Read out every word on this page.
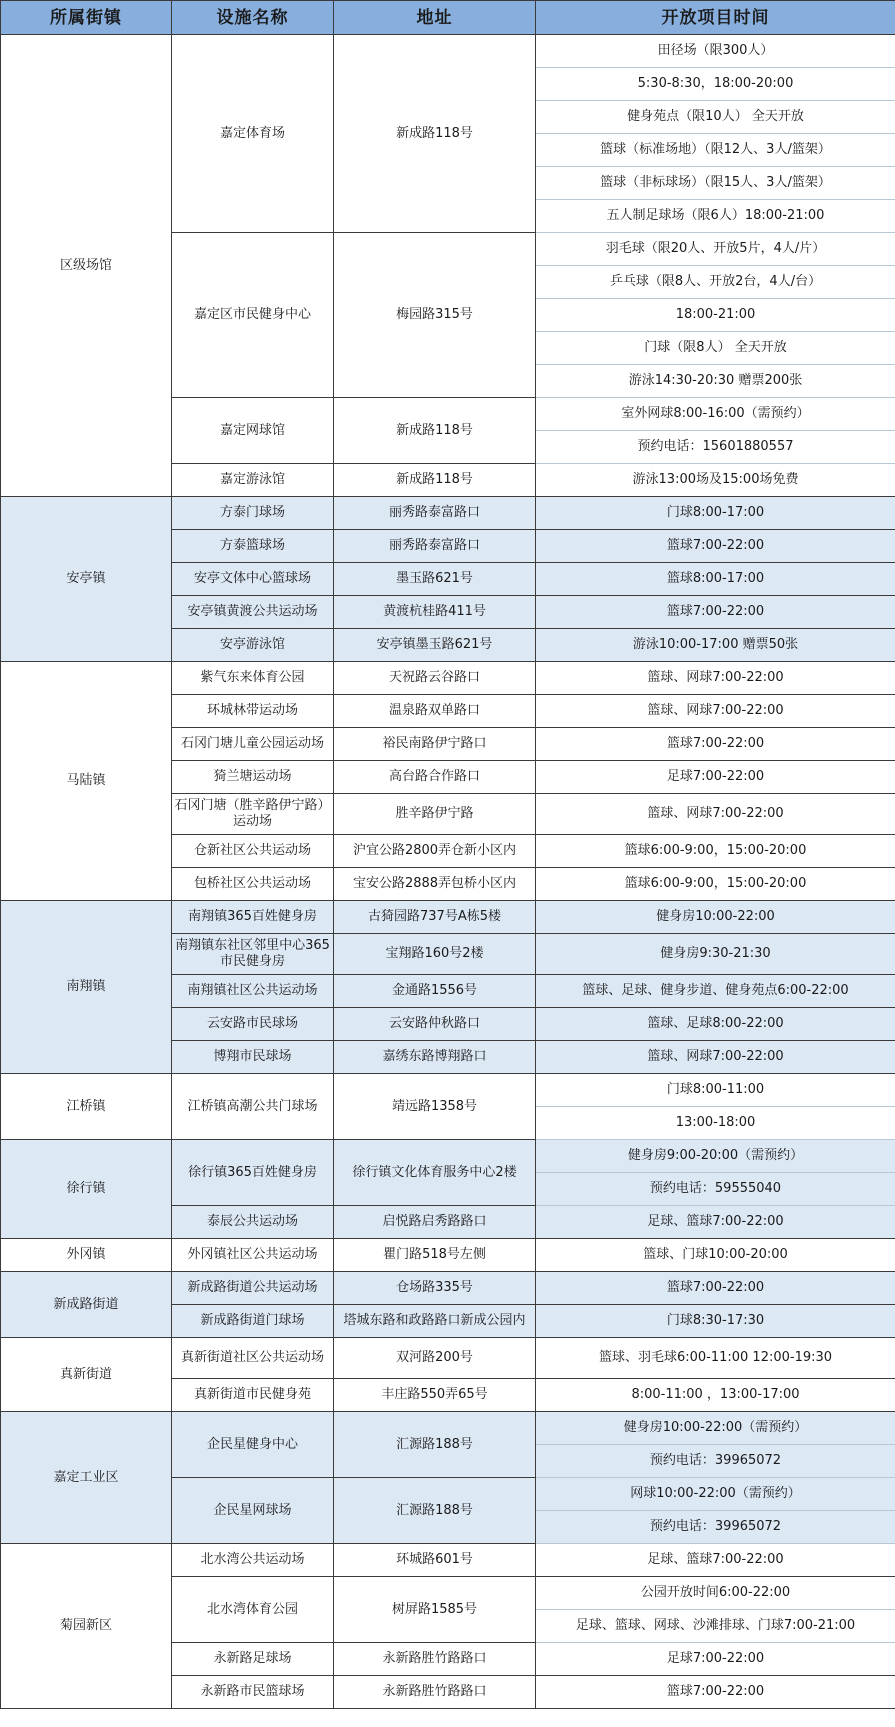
所属街镇	设施名称	地址	开放项目时间
区级场馆	嘉定体育场	新成路118号	田径场（限300人）
			5:30-8:30，18:00-20:00
			健身苑点（限10人） 全天开放
			篮球（标准场地）（限12人、3人/篮架）
			篮球（非标球场）（限15人、3人/篮架）
			五人制足球场（限6人）18:00-21:00
	嘉定区市民健身中心	梅园路315号	羽毛球（限20人、开放5片，4人/片）
			乒乓球（限8人、开放2台，4人/台）
			18:00-21:00
			门球（限8人） 全天开放
			游泳14:30-20:30 赠票200张
	嘉定网球馆	新成路118号	室外网球8:00-16:00（需预约）
			预约电话：15601880557
	嘉定游泳馆	新成路118号	游泳13:00场及15:00场免费
安亭镇	方泰门球场	丽秀路泰富路口	门球8:00-17:00
	方泰篮球场	丽秀路泰富路口	篮球7:00-22:00
	安亭文体中心篮球场	墨玉路621号	篮球8:00-17:00
	安亭镇黄渡公共运动场	黄渡杭桂路411号	篮球7:00-22:00
	安亭游泳馆	安亭镇墨玉路621号	游泳10:00-17:00 赠票50张
马陆镇	紫气东来体育公园	天祝路云谷路口	篮球、网球7:00-22:00
	环城林带运动场	温泉路双单路口	篮球、网球7:00-22:00
	石冈门塘儿童公园运动场	裕民南路伊宁路口	篮球7:00-22:00
	猗兰塘运动场	高台路合作路口	足球7:00-22:00
	石冈门塘（胜辛路伊宁路）运动场	胜辛路伊宁路	篮球、网球7:00-22:00
	仓新社区公共运动场	沪宜公路2800弄仓新小区内	篮球6:00-9:00，15:00-20:00
	包桥社区公共运动场	宝安公路2888弄包桥小区内	篮球6:00-9:00，15:00-20:00
南翔镇	南翔镇365百姓健身房	古猗园路737号A栋5楼	健身房10:00-22:00
	南翔镇东社区邻里中心365市民健身房	宝翔路160号2楼	健身房9:30-21:30
	南翔镇社区公共运动场	金通路1556号	篮球、足球、健身步道、健身苑点6:00-22:00
	云安路市民球场	云安路仲秋路口	篮球、足球8:00-22:00
	博翔市民球场	嘉绣东路博翔路口	篮球、网球7:00-22:00
江桥镇	江桥镇高潮公共门球场	靖远路1358号	门球8:00-11:00
			13:00-18:00
徐行镇	徐行镇365百姓健身房	徐行镇文化体育服务中心2楼	健身房9:00-20:00（需预约）
			预约电话：59555040
	泰辰公共运动场	启悦路启秀路路口	足球、篮球7:00-22:00
外冈镇	外冈镇社区公共运动场	瞿门路518号左侧	篮球、门球10:00-20:00
新成路街道	新成路街道公共运动场	仓场路335号	篮球7:00-22:00
	新成路街道门球场	塔城东路和政路路口新成公园内	门球8:30-17:30
真新街道	真新街道社区公共运动场	双河路200号	篮球、羽毛球6:00-11:00 12:00-19:30
	真新街道市民健身苑	丰庄路550弄65号	8:00-11:00 ，13:00-17:00
嘉定工业区	企民星健身中心	汇源路188号	健身房10:00-22:00（需预约）
			预约电话：39965072
	企民星网球场	汇源路188号	网球10:00-22:00（需预约）
			预约电话：39965072
菊园新区	北水湾公共运动场	环城路601号	足球、篮球7:00-22:00
	北水湾体育公园	树屏路1585号	公园开放时间6:00-22:00
			足球、篮球、网球、沙滩排球、门球7:00-21:00
	永新路足球场	永新路胜竹路路口	足球7:00-22:00
	永新路市民篮球场	永新路胜竹路路口	篮球7:00-22:00
